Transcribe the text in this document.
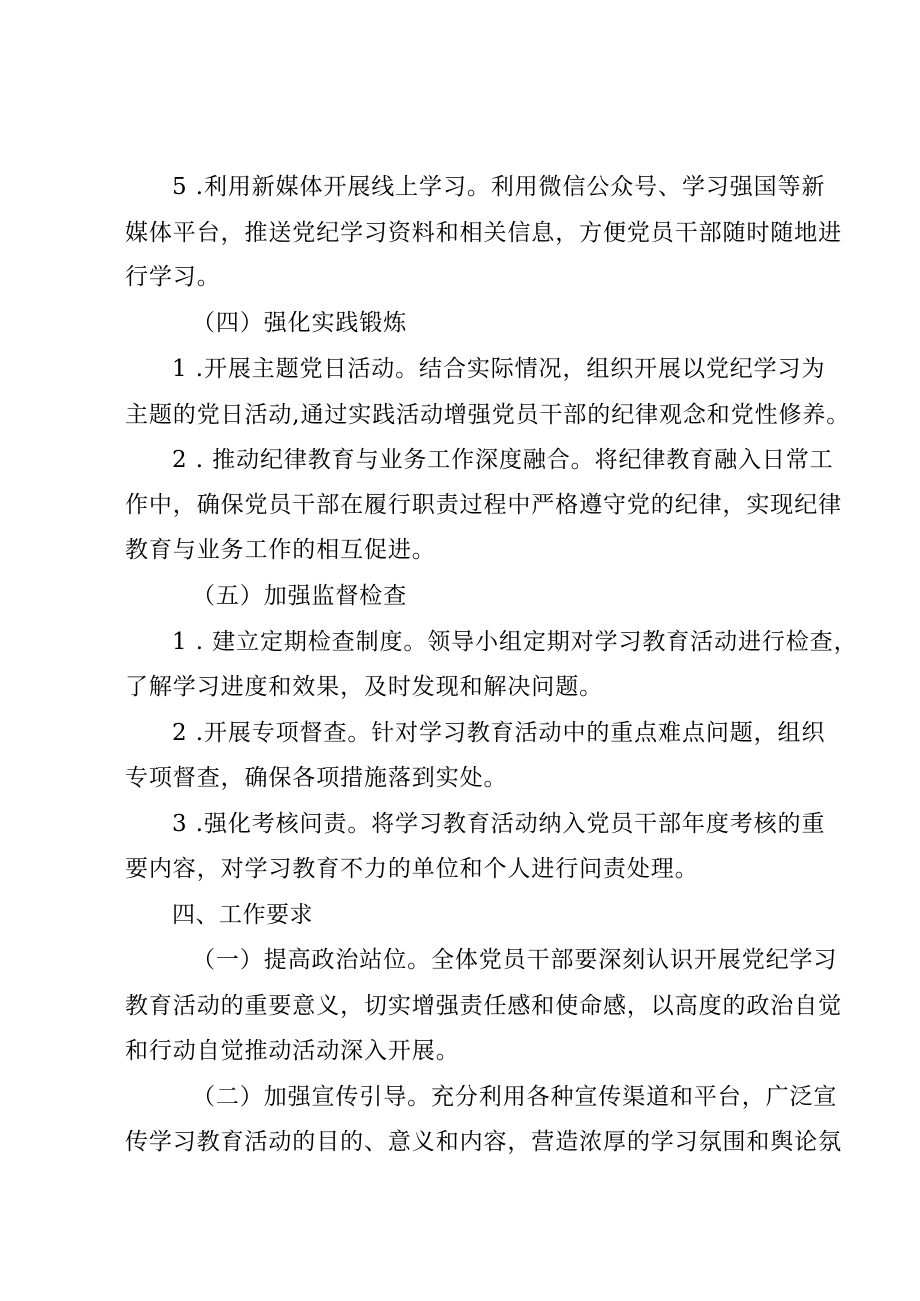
5 .利用新媒体开展线上学习。利用微信公众号、学习强国等新
媒体平台，推送党纪学习资料和相关信息，方便党员干部随时随地进
行学习。
（四）强化实践锻炼
1 .开展主题党日活动。结合实际情况，组织开展以党纪学习为
主题的党日活动,通过实践活动增强党员干部的纪律观念和党性修养。
2 . 推动纪律教育与业务工作深度融合。将纪律教育融入日常工
作中，确保党员干部在履行职责过程中严格遵守党的纪律，实现纪律
教育与业务工作的相互促进。
（五）加强监督检查
1 . 建立定期检查制度。领导小组定期对学习教育活动进行检查，
了解学习进度和效果，及时发现和解决问题。
2 .开展专项督查。针对学习教育活动中的重点难点问题，组织
专项督查，确保各项措施落到实处。
3 .强化考核问责。将学习教育活动纳入党员干部年度考核的重
要内容，对学习教育不力的单位和个人进行问责处理。
四、工作要求
（一）提高政治站位。全体党员干部要深刻认识开展党纪学习
教育活动的重要意义，切实增强责任感和使命感，以高度的政治自觉
和行动自觉推动活动深入开展。
（二）加强宣传引导。充分利用各种宣传渠道和平台，广泛宣
传学习教育活动的目的、意义和内容，营造浓厚的学习氛围和舆论氛
